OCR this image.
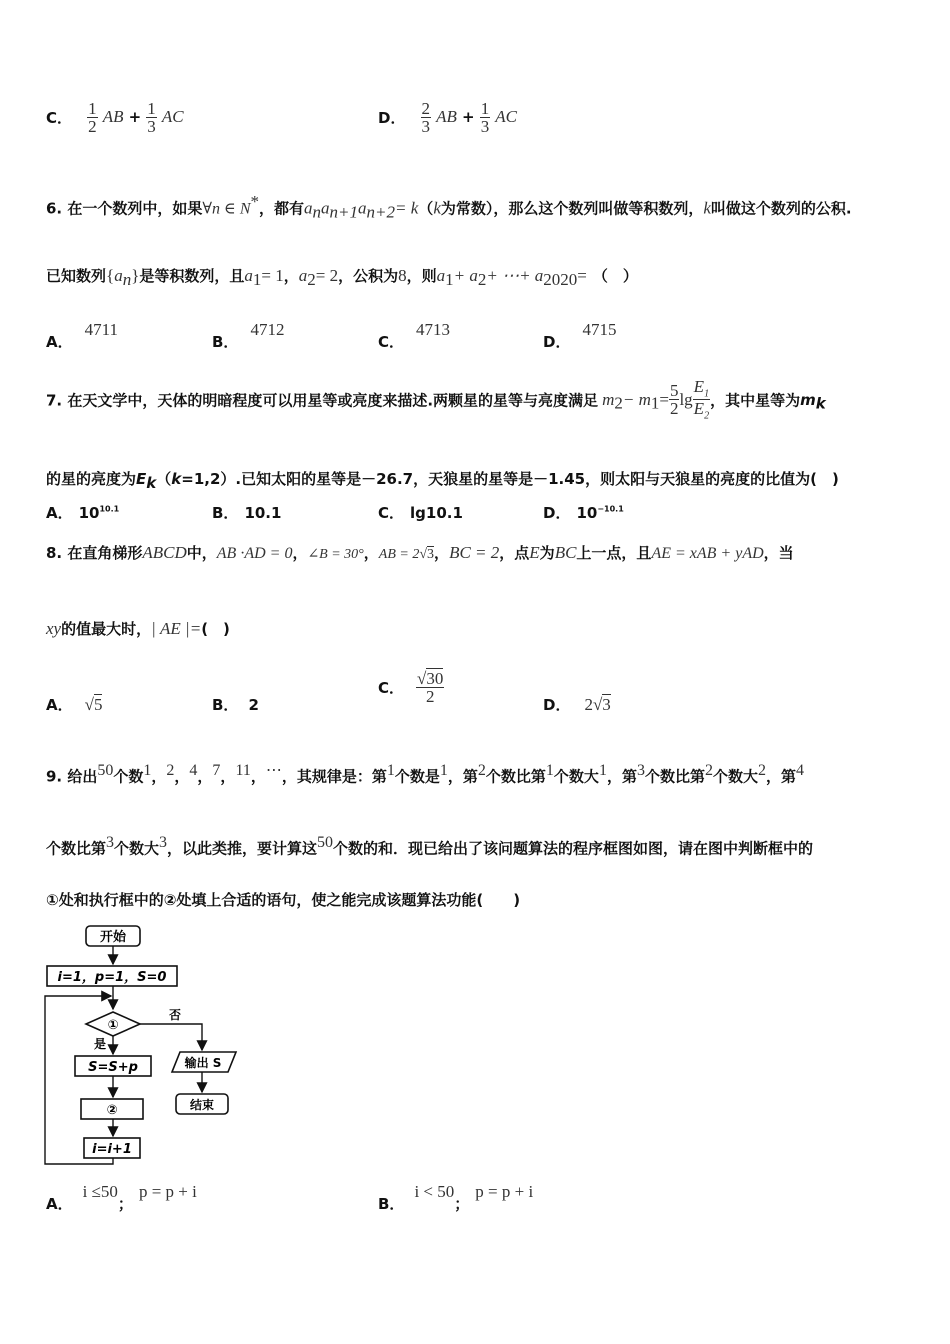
C． $\frac{1}{2}$ AB + $\frac{1}{3}$ AC	D． $\frac{2}{3}$ AB + $\frac{1}{3}$ AC
6. 在一个数列中，如果∀n ∈ N*，都有$a_na_{n+1}a_{n+2}= k(k$为常数），那么这个数列叫做等积数列，k叫做这个数列的公积.
已知数列$\{a_n\}$是等积数列，且$a_1= 1$，$a_2= 2$，公积为8，则$a_1+ a_2+$ ⋯+ $a_{2020}=$ （　）
A．4711
B．4712
C．4713
D．4715
7. 在天文学中，天体的明暗程度可以用星等或亮度来描述.两颗星的星等与亮度满足 $m_2- m_1= \frac{5}{2}$ $\lg \frac{E_1}{E_2}$ ，其中星等为$m_k$
的星的亮度为$E_k(k=1,2)$.已知太阳的星等是－26.7，天狼星的星等是－1.45，则太阳与天狼星的亮度的比值为(　)
A． $10^{10.1}$	B． 10.1	C． lg10.1	D． $10^{-10.1}$
8. 在直角梯形ABCD中，AB ·AD = 0，∠B = 30°，AB = 2√3，BC = 2，点E为BC上一点，且AE = xAB + yAD，当
xy的值最大时，| AE |=(　)
A． √5	B． 2
C． $\frac{√30}{2}$	D． 2√3
9. 给出$^{50}$个数$^1$，$^2$，$^4$，$^7$，$^{11}$，⋯，其规律是：第$^1$个数是$^1$，第$^2$个数比第$^1$个数大$^1$，第$^3$个数比第$^2$个数大$^2$，第$^4$
个数比第$^3$个数大$^3$，以此类推，要计算这$^{50}$个数的和．现已给出了该问题算法的程序框图如图，请在图中判断框中的
①处和执行框中的②处填上合适的语句，使之能完成该题算法功能(　　)
开始
i=1，p=1，S=0
①
否
输出 S
结束
是
S=S+p
②
i=i+1
A．i ≤50；p = p + i
B．i < 50；p = p + i
